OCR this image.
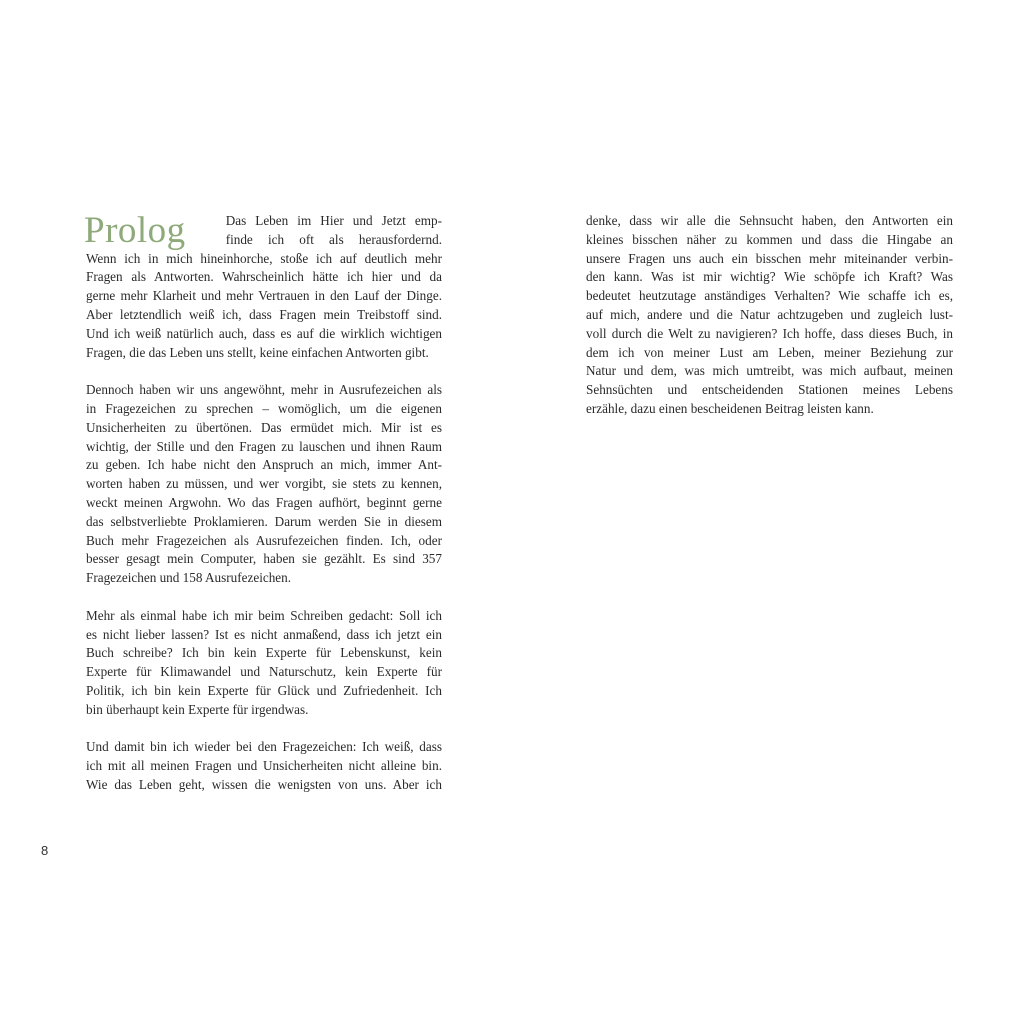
Prolog	Das Leben im Hier und Jetzt emp-
finde ich oft als herausfordernd.
Wenn ich in mich hineinhorche, stoße ich auf deutlich mehr
Fragen als Antworten. Wahrscheinlich hätte ich hier und da
gerne mehr Klarheit und mehr Vertrauen in den Lauf der Dinge.
Aber letztendlich weiß ich, dass Fragen mein Treibstoff sind.
Und ich weiß natürlich auch, dass es auf die wirklich wichtigen
Fragen, die das Leben uns stellt, keine einfachen Antworten gibt.
Dennoch haben wir uns angewöhnt, mehr in Ausrufezeichen als
in Fragezeichen zu sprechen – womöglich, um die eigenen
Unsicherheiten zu übertönen. Das ermüdet mich. Mir ist es
wichtig, der Stille und den Fragen zu lauschen und ihnen Raum
zu geben. Ich habe nicht den Anspruch an mich, immer Ant-
worten haben zu müssen, und wer vorgibt, sie stets zu kennen,
weckt meinen Argwohn. Wo das Fragen aufhört, beginnt gerne
das selbstverliebte Proklamieren. Darum werden Sie in diesem
Buch mehr Fragezeichen als Ausrufezeichen finden. Ich, oder
besser gesagt mein Computer, haben sie gezählt. Es sind 357
Fragezeichen und 158 Ausrufezeichen.
Mehr als einmal habe ich mir beim Schreiben gedacht: Soll ich
es nicht lieber lassen? Ist es nicht anmaßend, dass ich jetzt ein
Buch schreibe? Ich bin kein Experte für Lebenskunst, kein
Experte für Klimawandel und Naturschutz, kein Experte für
Politik, ich bin kein Experte für Glück und Zufriedenheit. Ich
bin überhaupt kein Experte für irgendwas.
Und damit bin ich wieder bei den Fragezeichen: Ich weiß, dass
ich mit all meinen Fragen und Unsicherheiten nicht alleine bin.
Wie das Leben geht, wissen die wenigsten von uns. Aber ich
8
denke, dass wir alle die Sehnsucht haben, den Antworten ein
kleines bisschen näher zu kommen und dass die Hingabe an
unsere Fragen uns auch ein bisschen mehr miteinander verbin-
den kann. Was ist mir wichtig? Wie schöpfe ich Kraft? Was
bedeutet heutzutage anständiges Verhalten? Wie schaffe ich es,
auf mich, andere und die Natur achtzugeben und zugleich lust-
voll durch die Welt zu navigieren? Ich hoffe, dass dieses Buch, in
dem ich von meiner Lust am Leben, meiner Beziehung zur
Natur und dem, was mich umtreibt, was mich aufbaut, meinen
Sehnsüchten und entscheidenden Stationen meines Lebens
erzähle, dazu einen bescheidenen Beitrag leisten kann.
